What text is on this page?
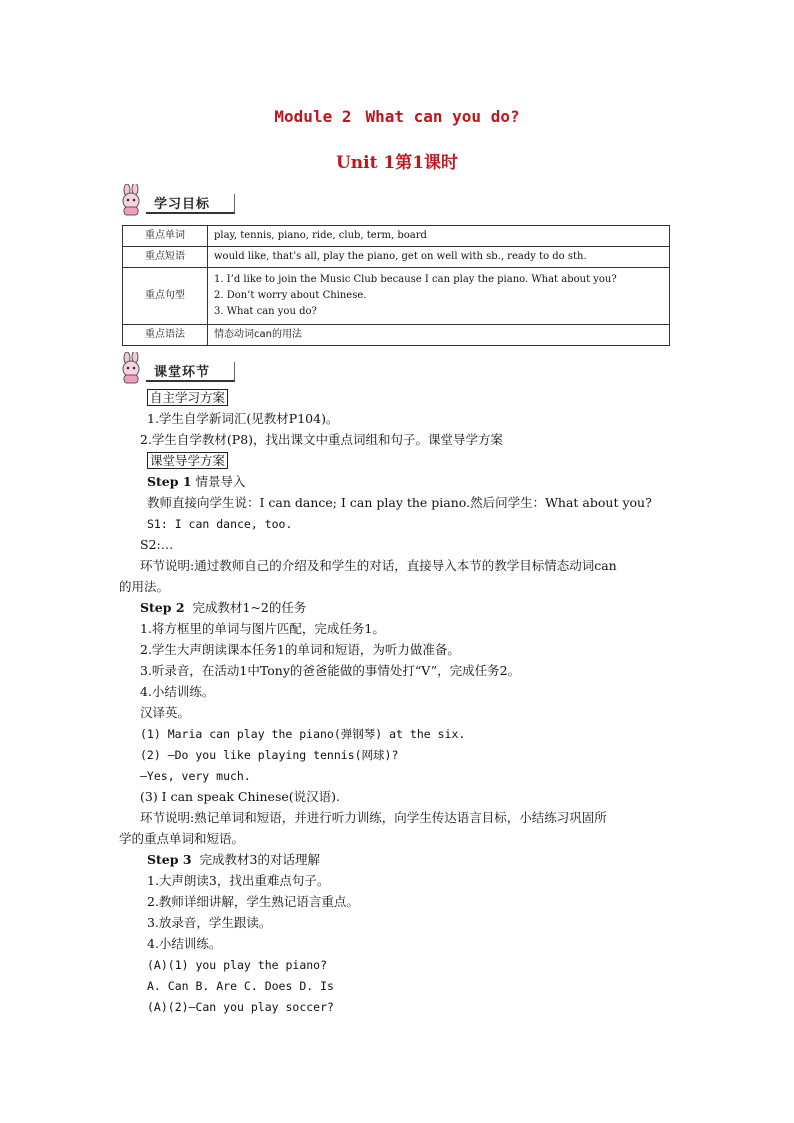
Module 2 What can you do?
Unit 1第1课时
学习目标
重点单词	play, tennis, piano, ride, club, term, board

重点短语	would like, that’s all, play the piano, get on well with sb., ready to do sth.

重点句型	1. I’d like to join the Music Club because I can play the piano. What about you?
2. Don’t worry about Chinese.
3. What can you do?

重点语法	情态动词can的用法
课堂环节
自主学习方案
1.学生自学新词汇(见教材P104)。
2.学生自学教材(P8)，找出课文中重点词组和句子。课堂导学方案
课堂导学方案
Step 1 情景导入
教师直接向学生说：I can dance; I can play the piano.然后问学生：What about you?
S1: I can dance, too.
S2:…
环节说明:通过教师自己的介绍及和学生的对话，直接导入本节的教学目标情态动词can
的用法。
Step 2 完成教材1~2的任务
1.将方框里的单词与图片匹配，完成任务1。
2.学生大声朗读课本任务1的单词和短语，为听力做准备。
3.听录音，在活动1中Tony的爸爸能做的事情处打“V”，完成任务2。
4.小结训练。
汉译英。
(1) Maria can play the piano(弹钢琴) at the six.
(2) —Do you like playing tennis(网球)?
—Yes, very much.
(3) I can speak Chinese(说汉语).
环节说明:熟记单词和短语，并进行听力训练，向学生传达语言目标，小结练习巩固所
学的重点单词和短语。
Step 3 完成教材3的对话理解
1.大声朗读3，找出重难点句子。
2.教师详细讲解，学生熟记语言重点。
3.放录音，学生跟读。
4.小结训练。
(A)(1) you play the piano?
A. Can B. Are C. Does D. Is
(A)(2)—Can you play soccer?
